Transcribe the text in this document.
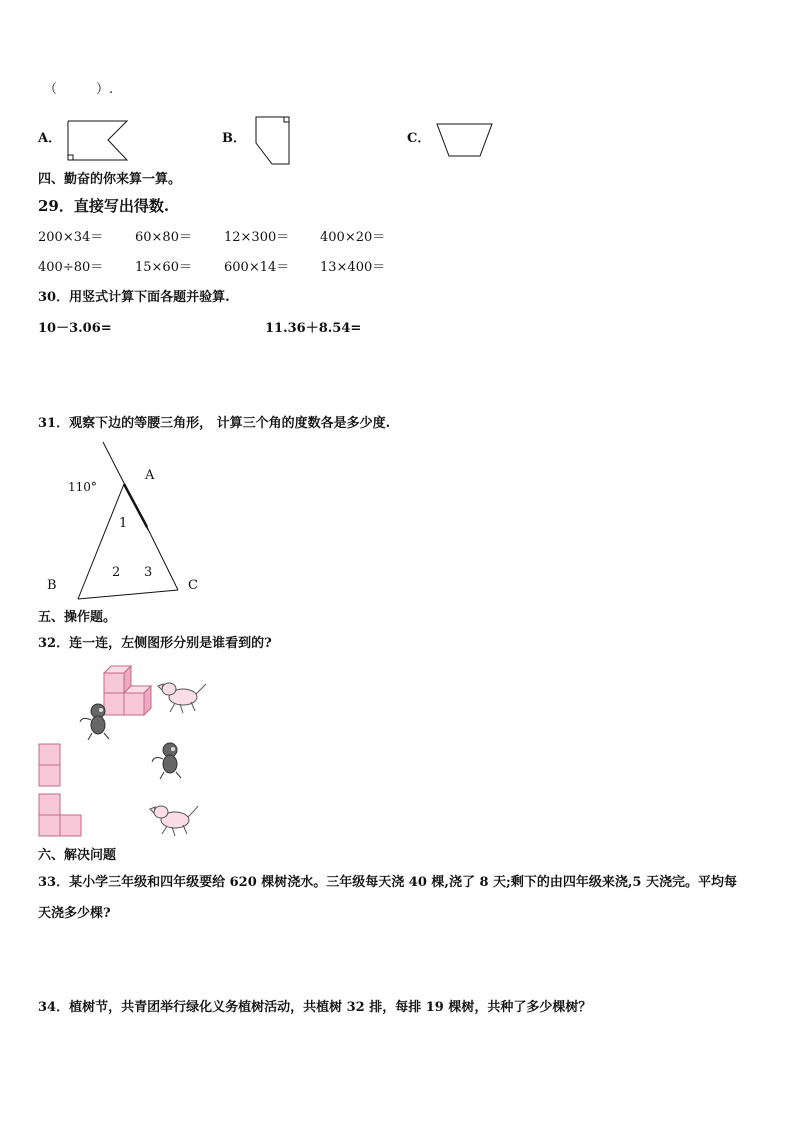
（　　　）.
A．	B．	C．
四、勤奋的你来算一算。
29．直接写出得数.
200×34＝ 60×80＝ 12×300＝ 400×20＝
400÷80＝ 15×60＝ 600×14＝ 13×400＝
30．用竖式计算下面各题并验算.
10－3.06=	11.36＋8.54=
31．观察下边的等腰三角形， 计算三个角的度数各是多少度.
110°
A
B	C
1
2 3
五、操作题。
32．连一连，左侧图形分别是谁看到的?
六、解决问题
33．某小学三年级和四年级要给 620 棵树浇水。三年级每天浇 40 棵,浇了 8 天;剩下的由四年级来浇,5 天浇完。平均每
天浇多少棵?
34．植树节，共青团举行绿化义务植树活动，共植树 32 排，每排 19 棵树，共种了多少棵树？
